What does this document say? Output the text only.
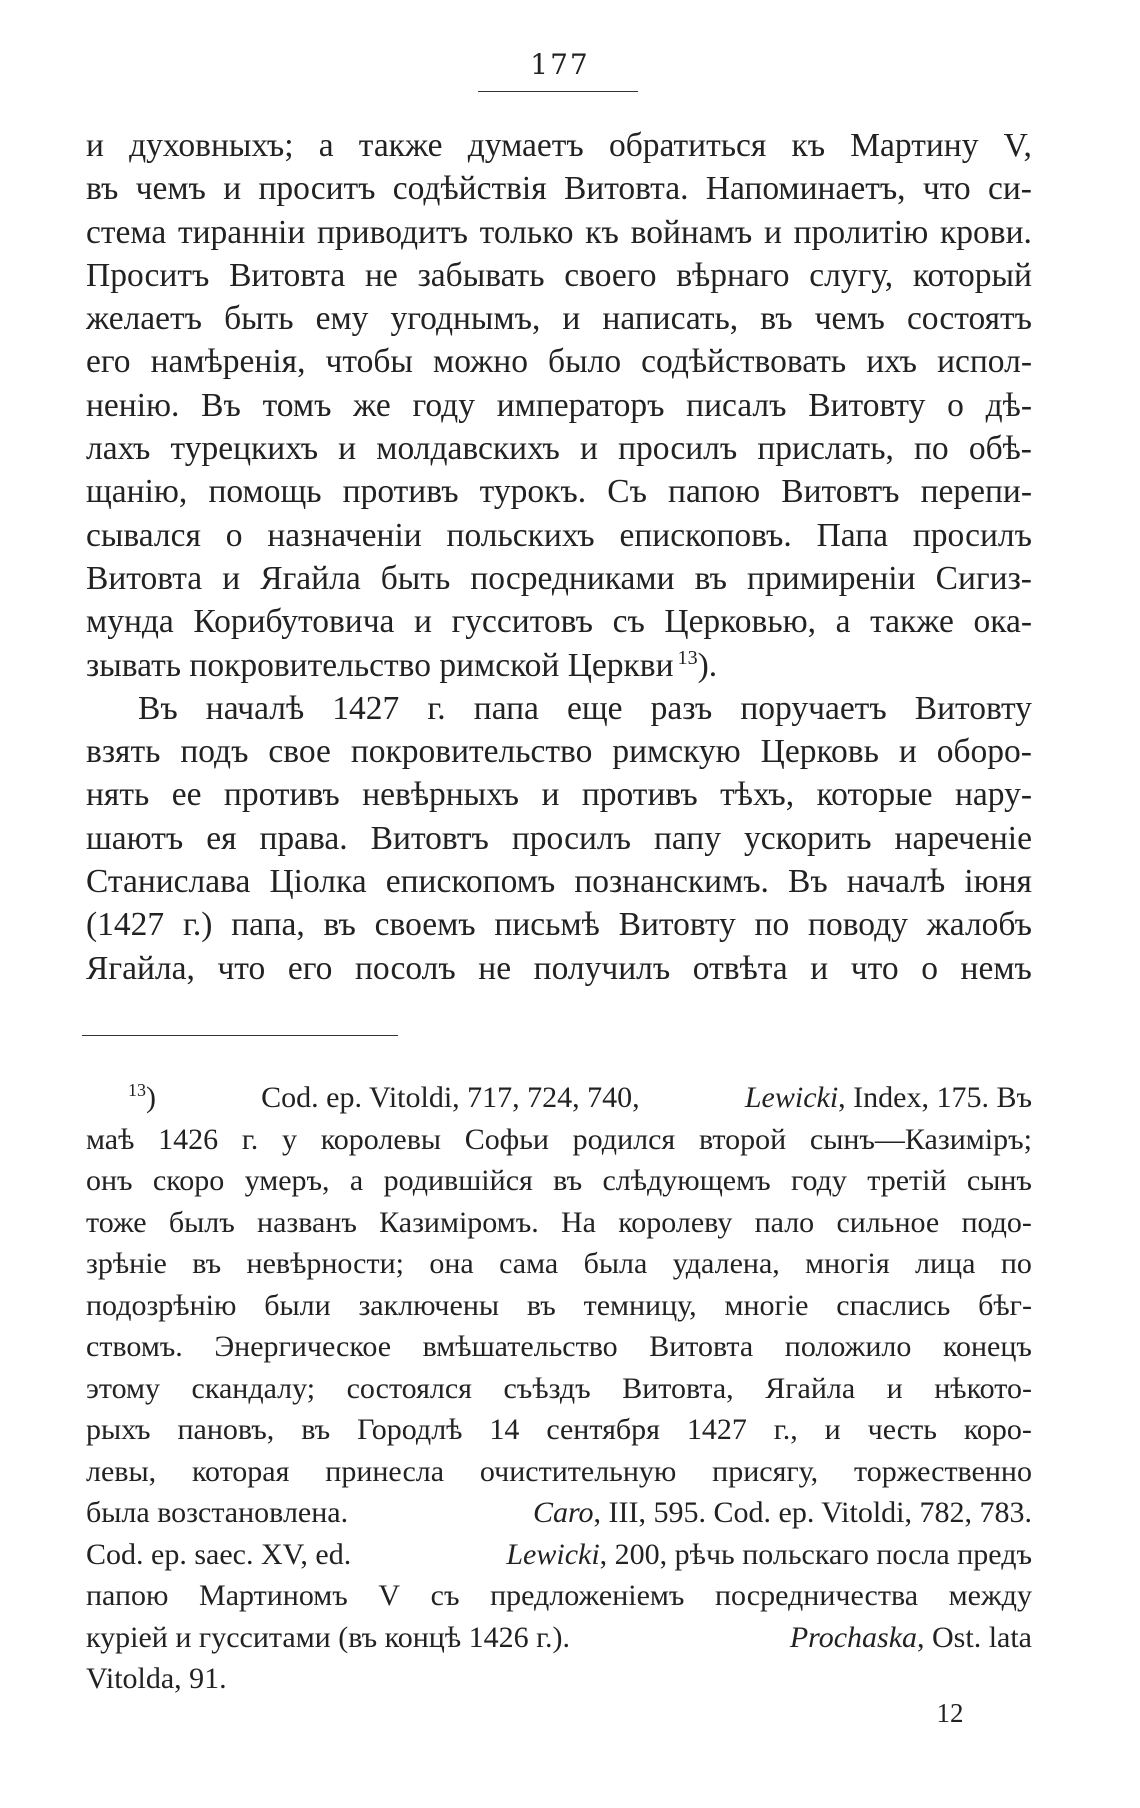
177
и духовныхъ; а также думаетъ обратиться къ Мартину V,
въ чемъ и проситъ содѣйствія Витовта. Напоминаетъ, что си-
стема тиранніи приводитъ только къ войнамъ и пролитію крови.
Проситъ Витовта не забывать своего вѣрнаго слугу, который
желаетъ быть ему угоднымъ, и написать, въ чемъ состоятъ
его намѣренія, чтобы можно было содѣйствовать ихъ испол-
ненію. Въ томъ же году императоръ писалъ Витовту о дѣ-
лахъ турецкихъ и молдавскихъ и просилъ прислать, по обѣ-
щанію, помощь противъ турокъ. Съ папою Витовтъ перепи-
сывался о назначеніи польскихъ епископовъ. Папа просилъ
Витовта и Ягайла быть посредниками въ примиреніи Сигиз-
мунда Корибутовича и гусситовъ съ Церковью, а также ока-
зывать покровительство римской Церкви $^{13}$).
Въ началѣ 1427 г. папа еще разъ поручаетъ Витовту
взять подъ свое покровительство римскую Церковь и оборо-
нять ее противъ невѣрныхъ и противъ тѣхъ, которые нару-
шаютъ ея права. Витовтъ просилъ папу ускорить нареченіе
Станислава Ціолка епископомъ познанскимъ. Въ началѣ іюня
(1427 г.) папа, въ своемъ письмѣ Витовту по поводу жалобъ
Ягайла, что его посолъ не получилъ отвѣта и что о немъ
$^{13}$)	Cod. ep. Vitoldi, 717, 724, 740,	Lewicki, Index, 175. Въ
маѣ 1426 г. у королевы Софьи родился второй сынъ—Казиміръ;
онъ скоро умеръ, а родившійся въ слѣдующемъ году третій сынъ
тоже былъ названъ Казиміромъ. На королеву пало сильное подо-
зрѣніе въ невѣрности; она сама была удалена, многія лица по
подозрѣнію были заключены въ темницу, многіе спаслись бѣг-
ствомъ. Энергическое вмѣшательство Витовта положило конецъ
этому скандалу; состоялся съѣздъ Витовта, Ягайла и нѣкото-
рыхъ пановъ, въ Городлѣ 14 сентября 1427 г., и честь коро-
левы, которая принесла очистительную присягу, торжественно
была возстановлена.	Caro, III, 595. Cod. ep. Vitoldi, 782, 783.
Cod. ep. saec. XV, ed.	Lewicki, 200, рѣчь польскаго посла предъ
папою Мартиномъ V съ предложеніемъ посредничества между
куріей и гусситами (въ концѣ 1426 г.).	Prochaska, Ost. lata
Vitolda, 91.
12
